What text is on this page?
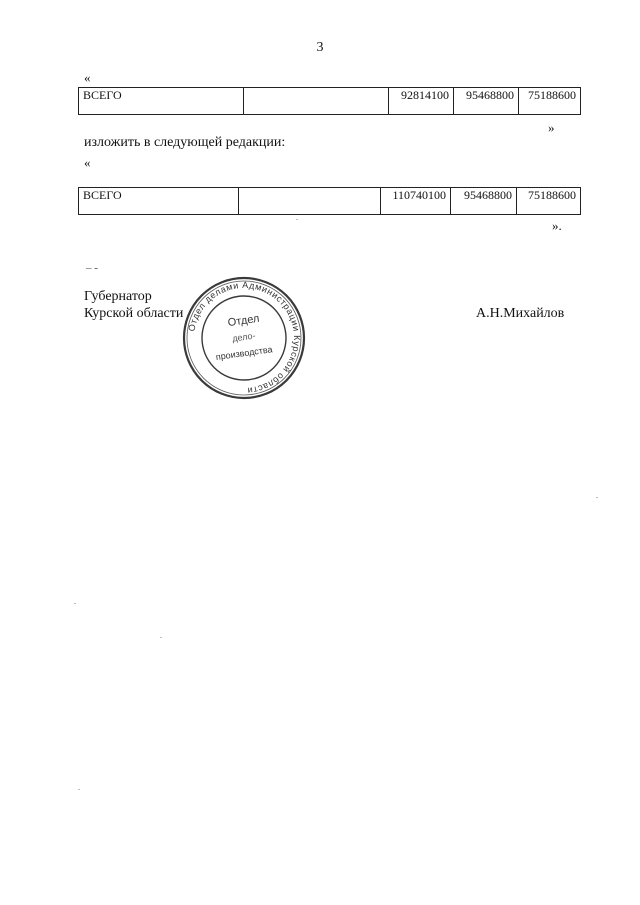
3
«
ВСЕГО		92814100	95468800	75188600
»
изложить в следующей редакции:
«
ВСЕГО		110740100	95468800	75188600
».
– -
Губернатор
Курской области	А.Н.Михайлов
Отдел делами Администрации Курской области
Отдел
дело-
производства
